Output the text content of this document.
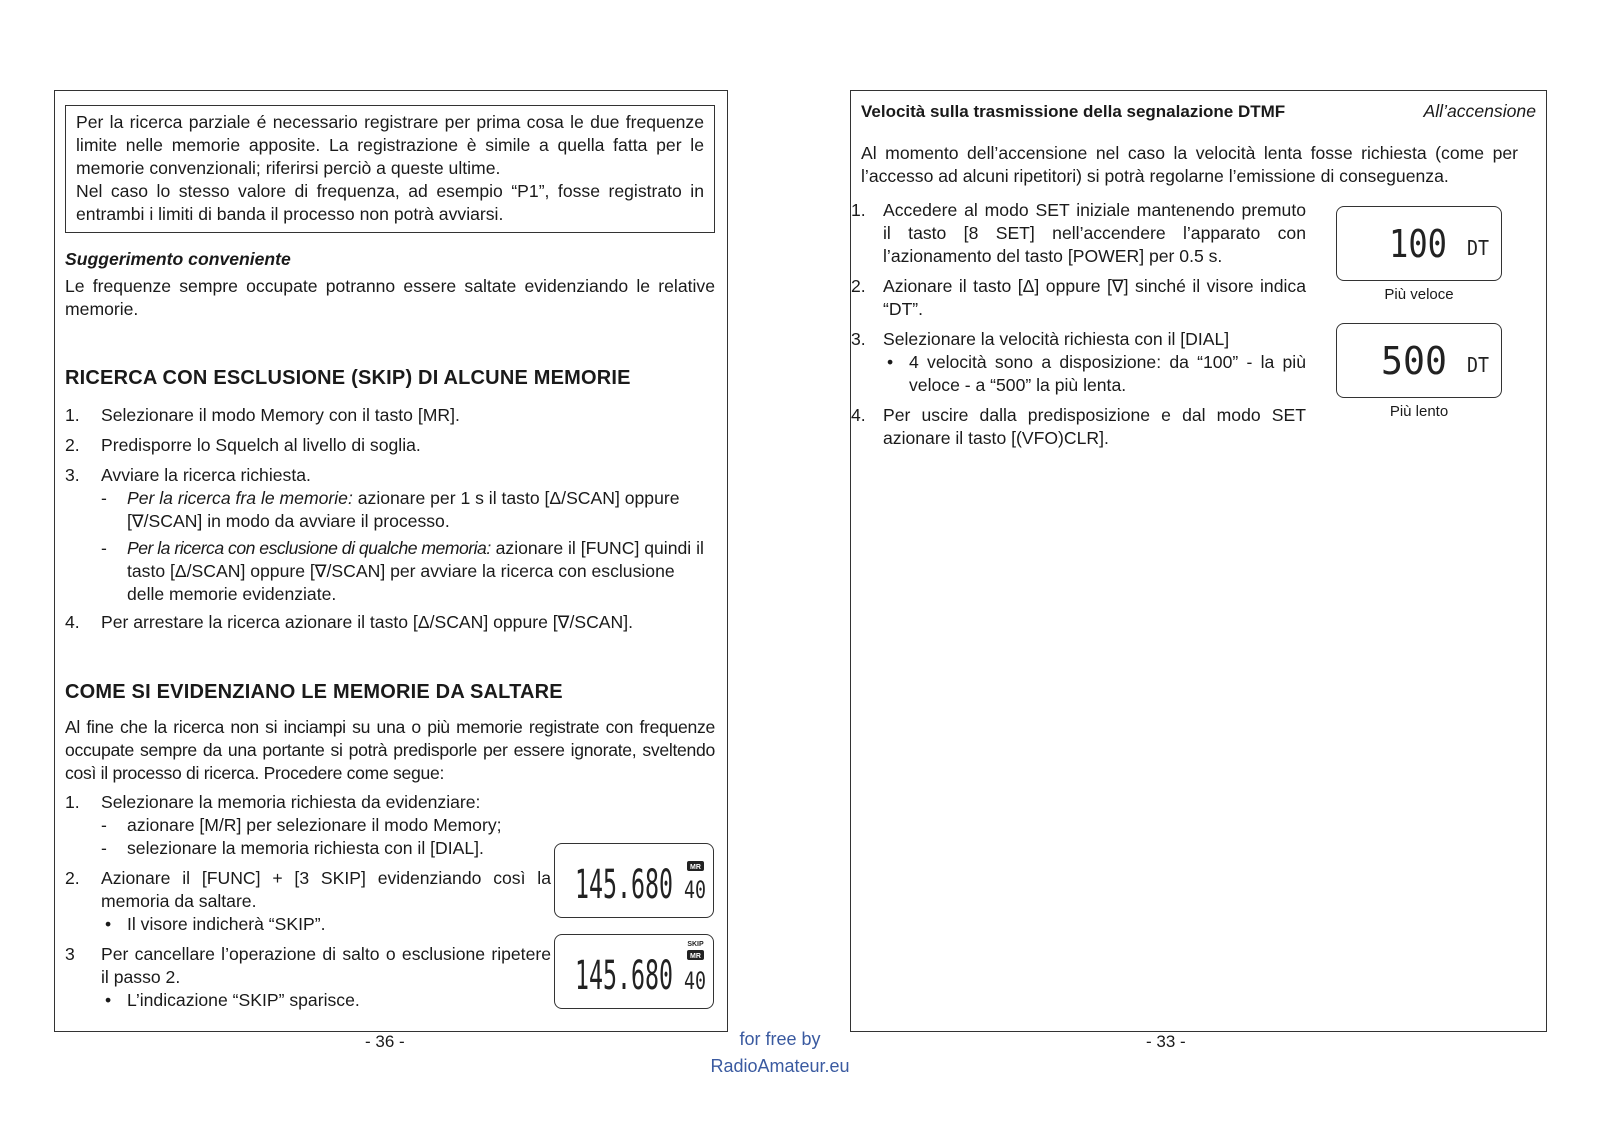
Per la ricerca parziale é necessario registrare per prima cosa le due frequenze limite nelle memorie apposite. La registrazione è simile a quella fatta per le memorie convenzionali; riferirsi perciò a queste ultime.

Nel caso lo stesso valore di frequenza, ad esempio “P1”, fosse registrato in entrambi i limiti di banda il processo non potrà avviarsi.

Suggerimento conveniente

Le frequenze sempre occupate potranno essere saltate evidenziando le relative memorie.

RICERCA CON ESCLUSIONE (SKIP) DI ALCUNE MEMORIE
1. Selezionare il modo Memory con il tasto [MR].
2. Predisporre lo Squelch al livello di soglia.
3. Avviare la ricerca richiesta.
- Per la ricerca fra le memorie: azionare per 1 s il tasto [Δ/SCAN] oppure [∇/SCAN] in modo da avviare il processo.
- Per la ricerca con esclusione di qualche memoria: azionare il [FUNC] quindi il tasto [Δ/SCAN] oppure [∇/SCAN] per avviare la ricerca con esclusione delle memorie evidenziate.
4. Per arrestare la ricerca azionare il tasto [Δ/SCAN] oppure [∇/SCAN].
COME SI EVIDENZIANO LE MEMORIE DA SALTARE

Al fine che la ricerca non si inciampi su una o più memorie registrate con frequenze occupate sempre da una portante si potrà predisporle per essere ignorate, sveltendo così il processo di ricerca. Procedere come segue:

1. Selezionare la memoria richiesta da evidenziare:
- azionare [M/R] per selezionare il modo Memory;
- selezionare la memoria richiesta con il [DIAL].
2. Azionare il [FUNC] + [3 SKIP] evidenziando così la memoria da saltare.
• Il visore indicherà “SKIP”.
3 Per cancellare l’operazione di salto o esclusione ripetere il passo 2.
• L’indicazione “SKIP” sparisce.
MR
145.680 40
SKIP
MR
145.680 40
Velocità sulla trasmissione della segnalazione DTMF	All’accensione

Al momento dell’accensione nel caso la velocità lenta fosse richiesta (come per l’accesso ad alcuni ripetitori) si potrà regolarne l’emissione di conseguenza.

1. Accedere al modo SET iniziale mantenendo premuto il tasto [8 SET] nell’accendere l’apparato con l’azionamento del tasto [POWER] per 0.5 s.
2. Azionare il tasto [Δ] oppure [∇] sinché il visore indica “DT”.
3. Selezionare la velocità richiesta con il [DIAL]
• 4 velocità sono a disposizione: da “100” - la più veloce - a “500” la più lenta.
4. Per uscire dalla predisposizione e dal modo SET azionare il tasto [(VFO)CLR].
100 DT
Più veloce
500 DT
Più lento
- 36 -	- 33 -
for free by
RadioAmateur.eu
